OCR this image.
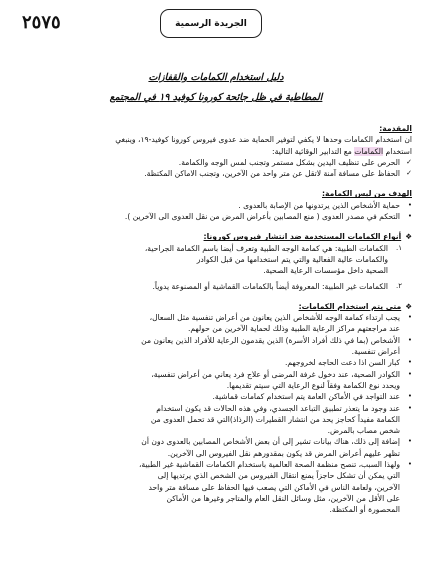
الجريدة الرسمية
٢٥٧٥
دليل استخدام الكمامات والقفازات
المطاطية في ظل جائحة كورونا كوفيد ١٩ في المجتمع
المقدمة:

ان استخدام الكمامات وحدها لا يكفي لتوفير الحماية ضد عدوى فيروس كورونا كوفيد-١٩، وينبغي

استخدام الكمامات مع التدابير الوقائية التالية:

✓
الحرص على تنظيف اليدين بشكل مستمر وتجنب لمس الوجه والكمامة.
✓
الحفاظ على مسافة آمنة لاتقل عن متر واحد من الآخرين، وتجنب الاماكن المكتظة.
الهدف من لبس الكمامة:
•
حماية الأشخاص الذين يرتدونها من الإصابة بالعدوى .
•
التحكم في مصدر العدوى ( منع المصابين بأعراض المرض من نقل العدوى الى الآخرين ).
❖أنواع الكمامات المستخدمة ضد انتشار فيروس كورونا:
١.
الكمامات الطبية: هي كمامة الوجه الطبية وتعرف أيضا باسم الكمامة الجراحية،
والكمامات عالية الفعالية والتي يتم استخدامها من قبل الكوادر
الصحية داخل مؤسسات الرعاية الصحية.
٢.
الكمامات غير الطبية: المعروفة أيضاً بالكمامات القماشية أو المصنوعة يدوياً.
❖متى يتم استخدام الكمامات:
•
يجب ارتداء كمامة الوجه للأشخاص الذين يعانون من أعراض تنفسية مثل السعال،
عند مراجعتهم مراكز الرعاية الطبية وذلك لحماية الآخرين من حولهم.
•
الأشخاص (بما في ذلك أفراد الأسرة) الذين يقدمون الرعاية للأفراد الذين يعانون من
أعراض تنفسية.
•
كبار السن اذا دعت الحاجه لخروجهم.
•
الكوادر الصحية، عند دخول غرفة المرضى أو علاج فرد يعاني من أعراض تنفسية،
ويحدد نوع الكمامة وفقاً لنوع الرعاية التي سيتم تقديمها.
•
عند التواجد في الأماكن العامة يتم استخدام كمامات قماشية.
•
عند وجود ما يتعذر تطبيق التباعد الجسدي، وفي هذه الحالات قد يكون استخدام
الكمامة مفيداً كحاجز يحد من انتشار القطيرات (الرذاذ)التي قد تحمل العدوى من
شخص مصاب بالمرض.
•
إضافة إلى ذلك، هناك بيانات تشير إلى أن بعض الأشخاص المصابين بالعدوى دون أن
تظهر عليهم أعراض المرض قد يكون بمقدورهم نقل الفيروس الى الآخرين.
•
ولهذا السبب، تنصح منظمة الصحة العالمية باستخدام الكمامات القماشية غير الطبية،
التي يمكن أن تشكل حاجزاً يمنع انتقال الفيروس من الشخص الذي يرتديها إلى
الآخرين، ولعامة الناس في الأماكن التي يصعب فيها الحفاظ على مسافة متر واحد
على الأقل من الآخرين، مثل وسائل النقل العام والمتاجر وغيرها من الأماكن
المحصورة أو المكتظة.
